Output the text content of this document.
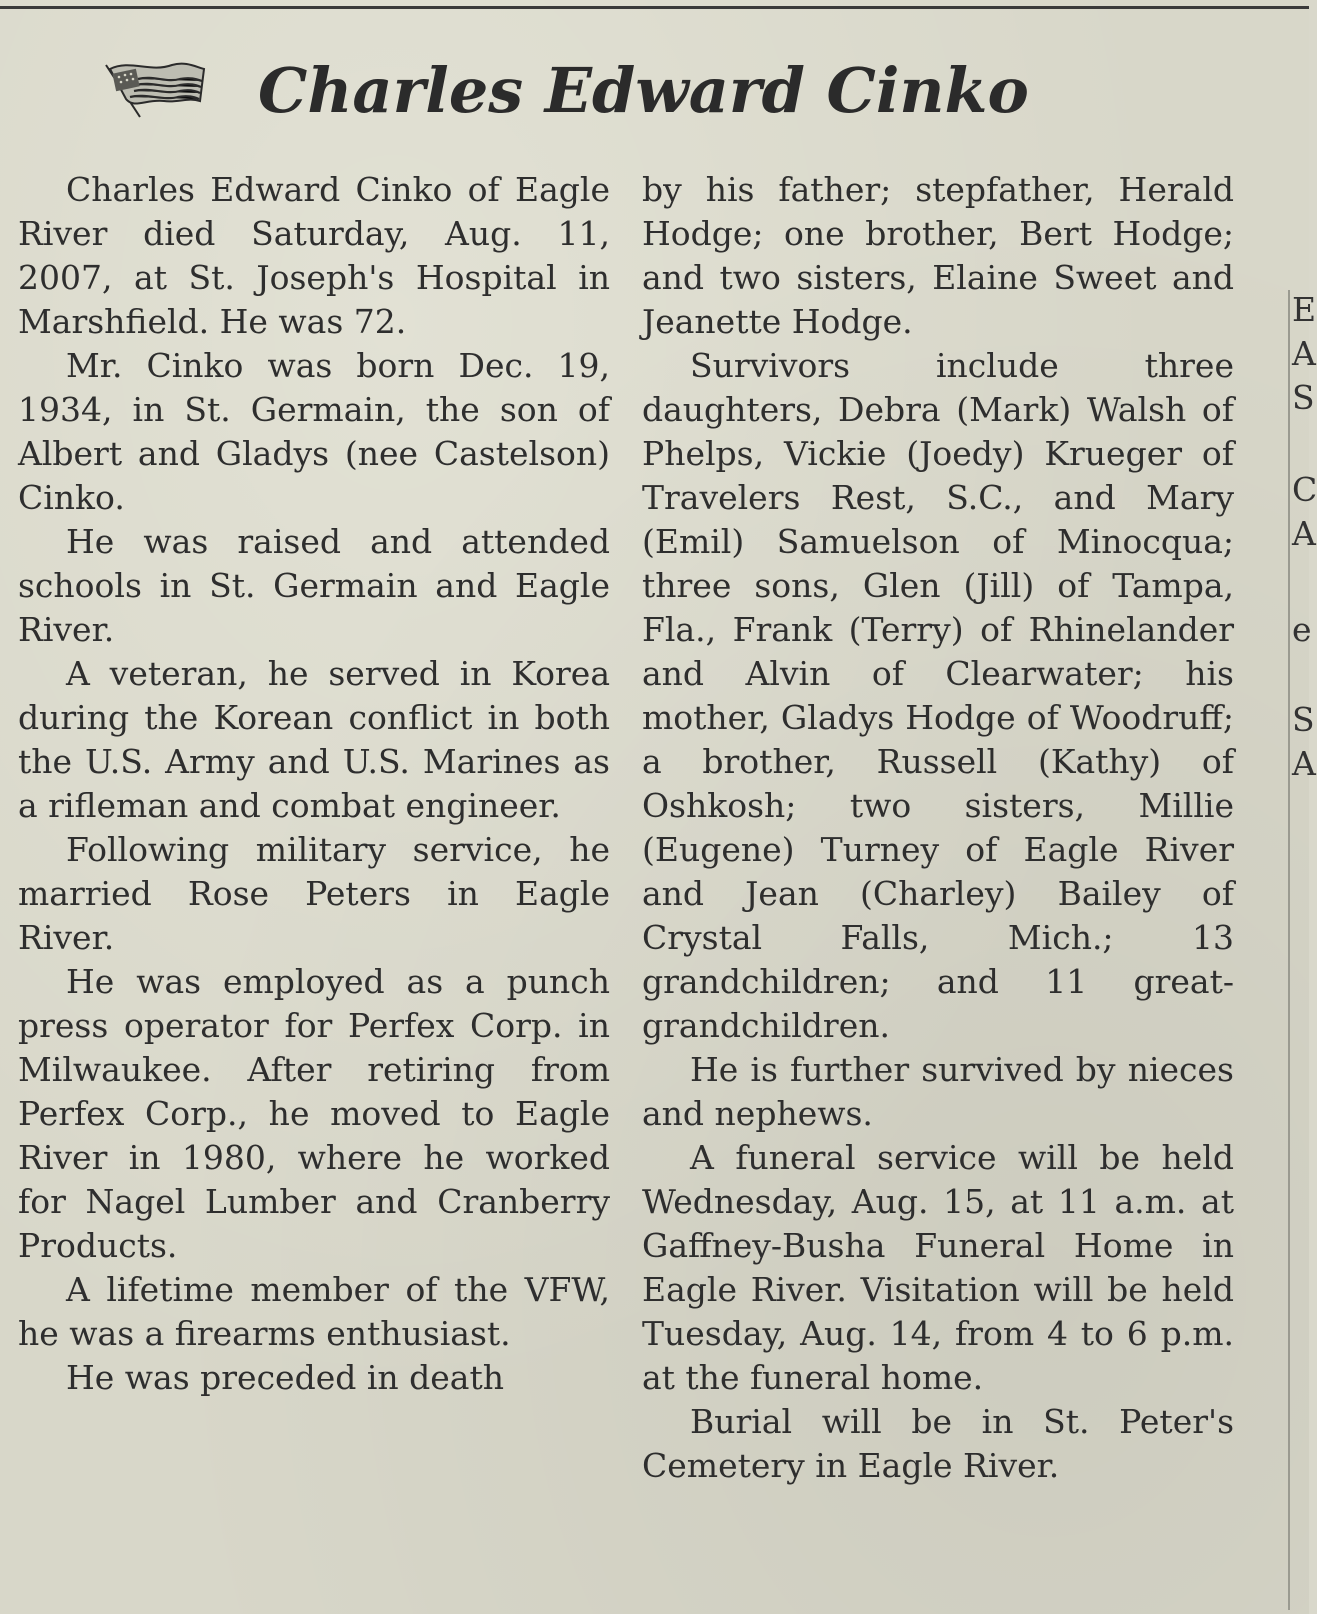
Charles Edward Cinko

Charles Edward Cinko of Eagle River died Saturday, Aug. 11, 2007, at St. Joseph's Hospital in Marshfield. He was 72.

Mr. Cinko was born Dec. 19, 1934, in St. Germain, the son of Albert and Gladys (nee Castelson) Cinko.

He was raised and attended schools in St. Germain and Eagle River.

A veteran, he served in Korea during the Korean conflict in both the U.S. Army and U.S. Marines as a rifleman and combat engineer.

Following military service, he married Rose Peters in Eagle River.

He was employed as a punch press operator for Perfex Corp. in Milwaukee. After retiring from Perfex Corp., he moved to Eagle River in 1980, where he worked for Nagel Lumber and Cranberry Products.

A lifetime member of the VFW, he was a firearms enthusiast.

He was preceded in death

by his father; stepfather, Herald Hodge; one brother, Bert Hodge; and two sisters, Elaine Sweet and Jeanette Hodge.

Survivors include three daughters, Debra (Mark) Walsh of Phelps, Vickie (Joedy) Krueger of Travelers Rest, S.C., and Mary (Emil) Samuelson of Minocqua; three sons, Glen (Jill) of Tampa, Fla., Frank (Terry) of Rhinelander and Alvin of Clearwater; his mother, Gladys Hodge of Woodruff; a brother, Russell (Kathy) of Oshkosh; two sisters, Millie (Eugene) Turney of Eagle River and Jean (Charley) Bailey of Crystal Falls, Mich.; 13 grandchildren; and 11 great-grandchildren.

He is further survived by nieces and nephews.

A funeral service will be held Wednesday, Aug. 15, at 11 a.m. at Gaffney-Busha Funeral Home in Eagle River. Visitation will be held Tuesday, Aug. 14, from 4 to 6 p.m. at the funeral home.

Burial will be in St. Peter's Cemetery in Eagle River.

E
A
S
C
A
e
S
A
